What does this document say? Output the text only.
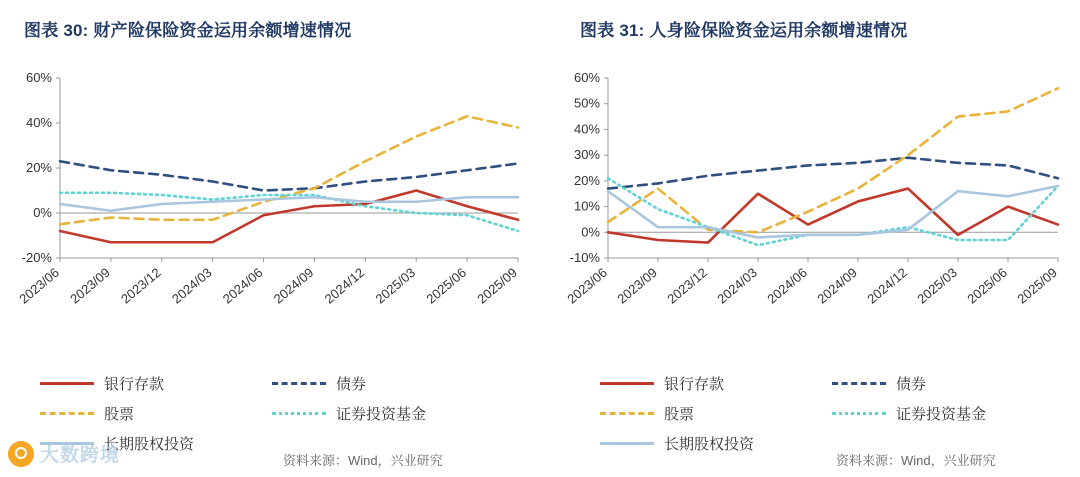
图表 30: 财产险保险资金运用余额增速情况
-20%
0%
20%
40%
60%
2023/06 2023/09 2023/12 2024/03 2024/06 2024/09 2024/12 2025/03 2025/06 2025/09
银行存款	债券
股票	证券投资基金
长期股权投资
资料来源：Wind，兴业研究
图表 31: 人身险保险资金运用余额增速情况
-10%
0%
10%
20%
30%
40%
50%
60%
2023/06 2023/09 2023/12 2024/03 2024/06 2024/09 2024/12 2025/03 2025/06 2025/09
银行存款	债券
股票	证券投资基金
长期股权投资
资料来源：Wind，兴业研究
大数跨境
